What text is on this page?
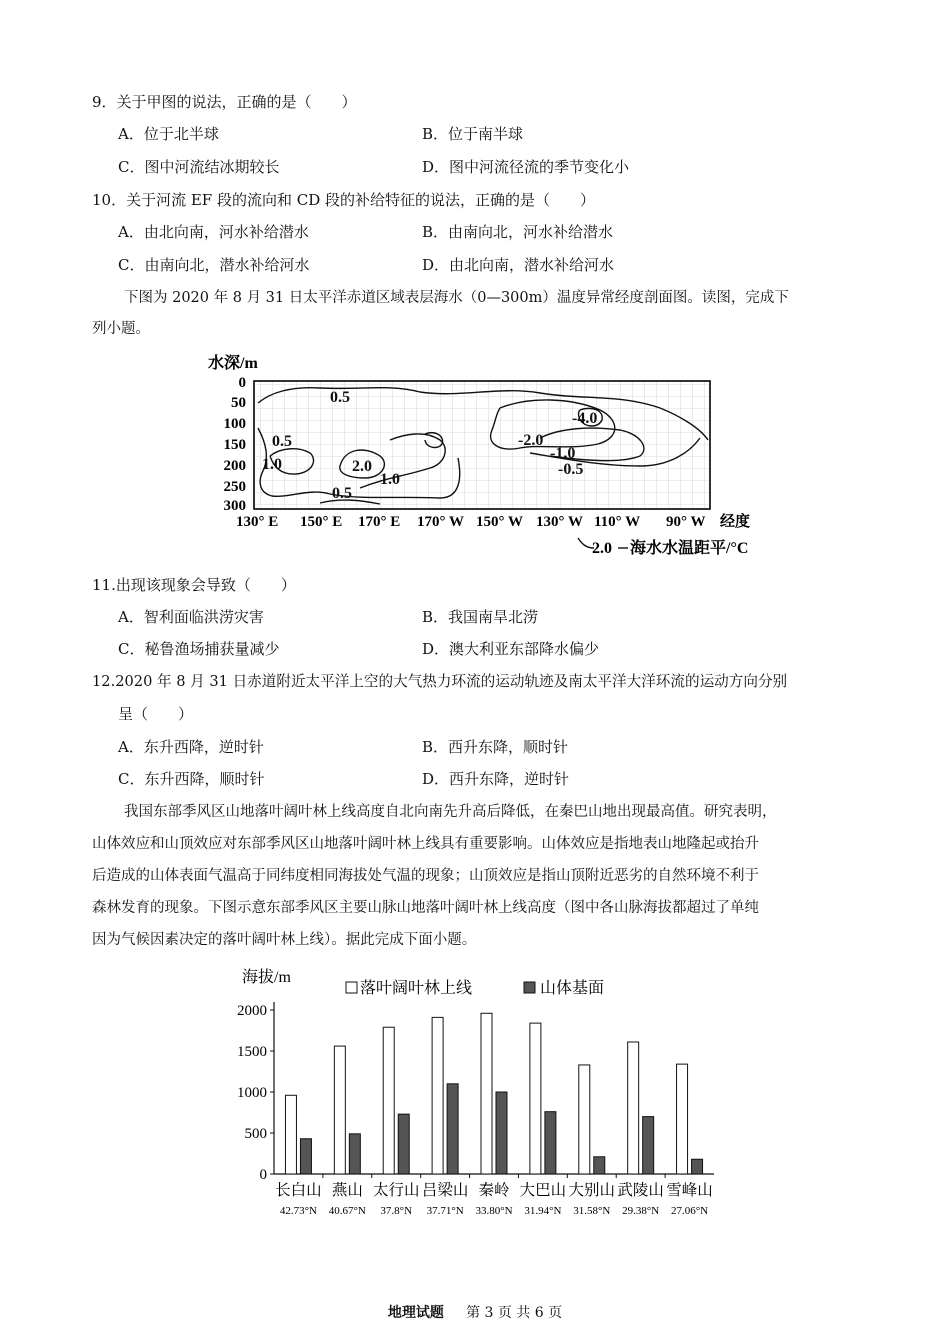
9．关于甲图的说法，正确的是（　　）
A．位于北半球	B．位于南半球
C．图中河流结冰期较长	D．图中河流径流的季节变化小
10．关于河流 EF 段的流向和 CD 段的补给特征的说法，正确的是（　　）
A．由北向南，河水补给潜水	B．由南向北，河水补给潜水
C．由南向北，潜水补给河水	D．由北向南，潜水补给河水
下图为 2020 年 8 月 31 日太平洋赤道区域表层海水（0—300m）温度异常经度剖面图。读图，完成下
列小题。
水深/m
0
50
100
150
200
250
300
130° E 150° E 170° E 170° W 150° W 130° W 110° W 90° W 经度
0.5
0.5
1.0	2.0
1.0
0.5
-4.0
-2.0
-1.0
-0.5
2.0 海水水温距平/°C
11.出现该现象会导致（　　）
A．智利面临洪涝灾害	B．我国南旱北涝
C．秘鲁渔场捕获量减少	D．澳大利亚东部降水偏少
12.2020 年 8 月 31 日赤道附近太平洋上空的大气热力环流的运动轨迹及南太平洋大洋环流的运动方向分别
呈（　　）
A．东升西降，逆时针	B．西升东降，顺时针
C．东升西降，顺时针	D．西升东降，逆时针
我国东部季风区山地落叶阔叶林上线高度自北向南先升高后降低，在秦巴山地出现最高值。研究表明，
山体效应和山顶效应对东部季风区山地落叶阔叶林上线具有重要影响。山体效应是指地表山地隆起或抬升
后造成的山体表面气温高于同纬度相同海拔处气温的现象；山顶效应是指山顶附近恶劣的自然环境不利于
森林发育的现象。下图示意东部季风区主要山脉山地落叶阔叶林上线高度（图中各山脉海拔都超过了单纯
因为气候因素决定的落叶阔叶林上线）。据此完成下面小题。
海拔/m
落叶阔叶林上线	山体基面
0
500
1000
1500
2000
长白山
42.73°N
燕山
40.67°N
太行山
37.8°N
吕梁山
37.71°N
秦岭
33.80°N
大巴山
31.94°N
大别山
31.58°N
武陵山
29.38°N
雪峰山
27.06°N
地理试题 第 3 页 共 6 页
